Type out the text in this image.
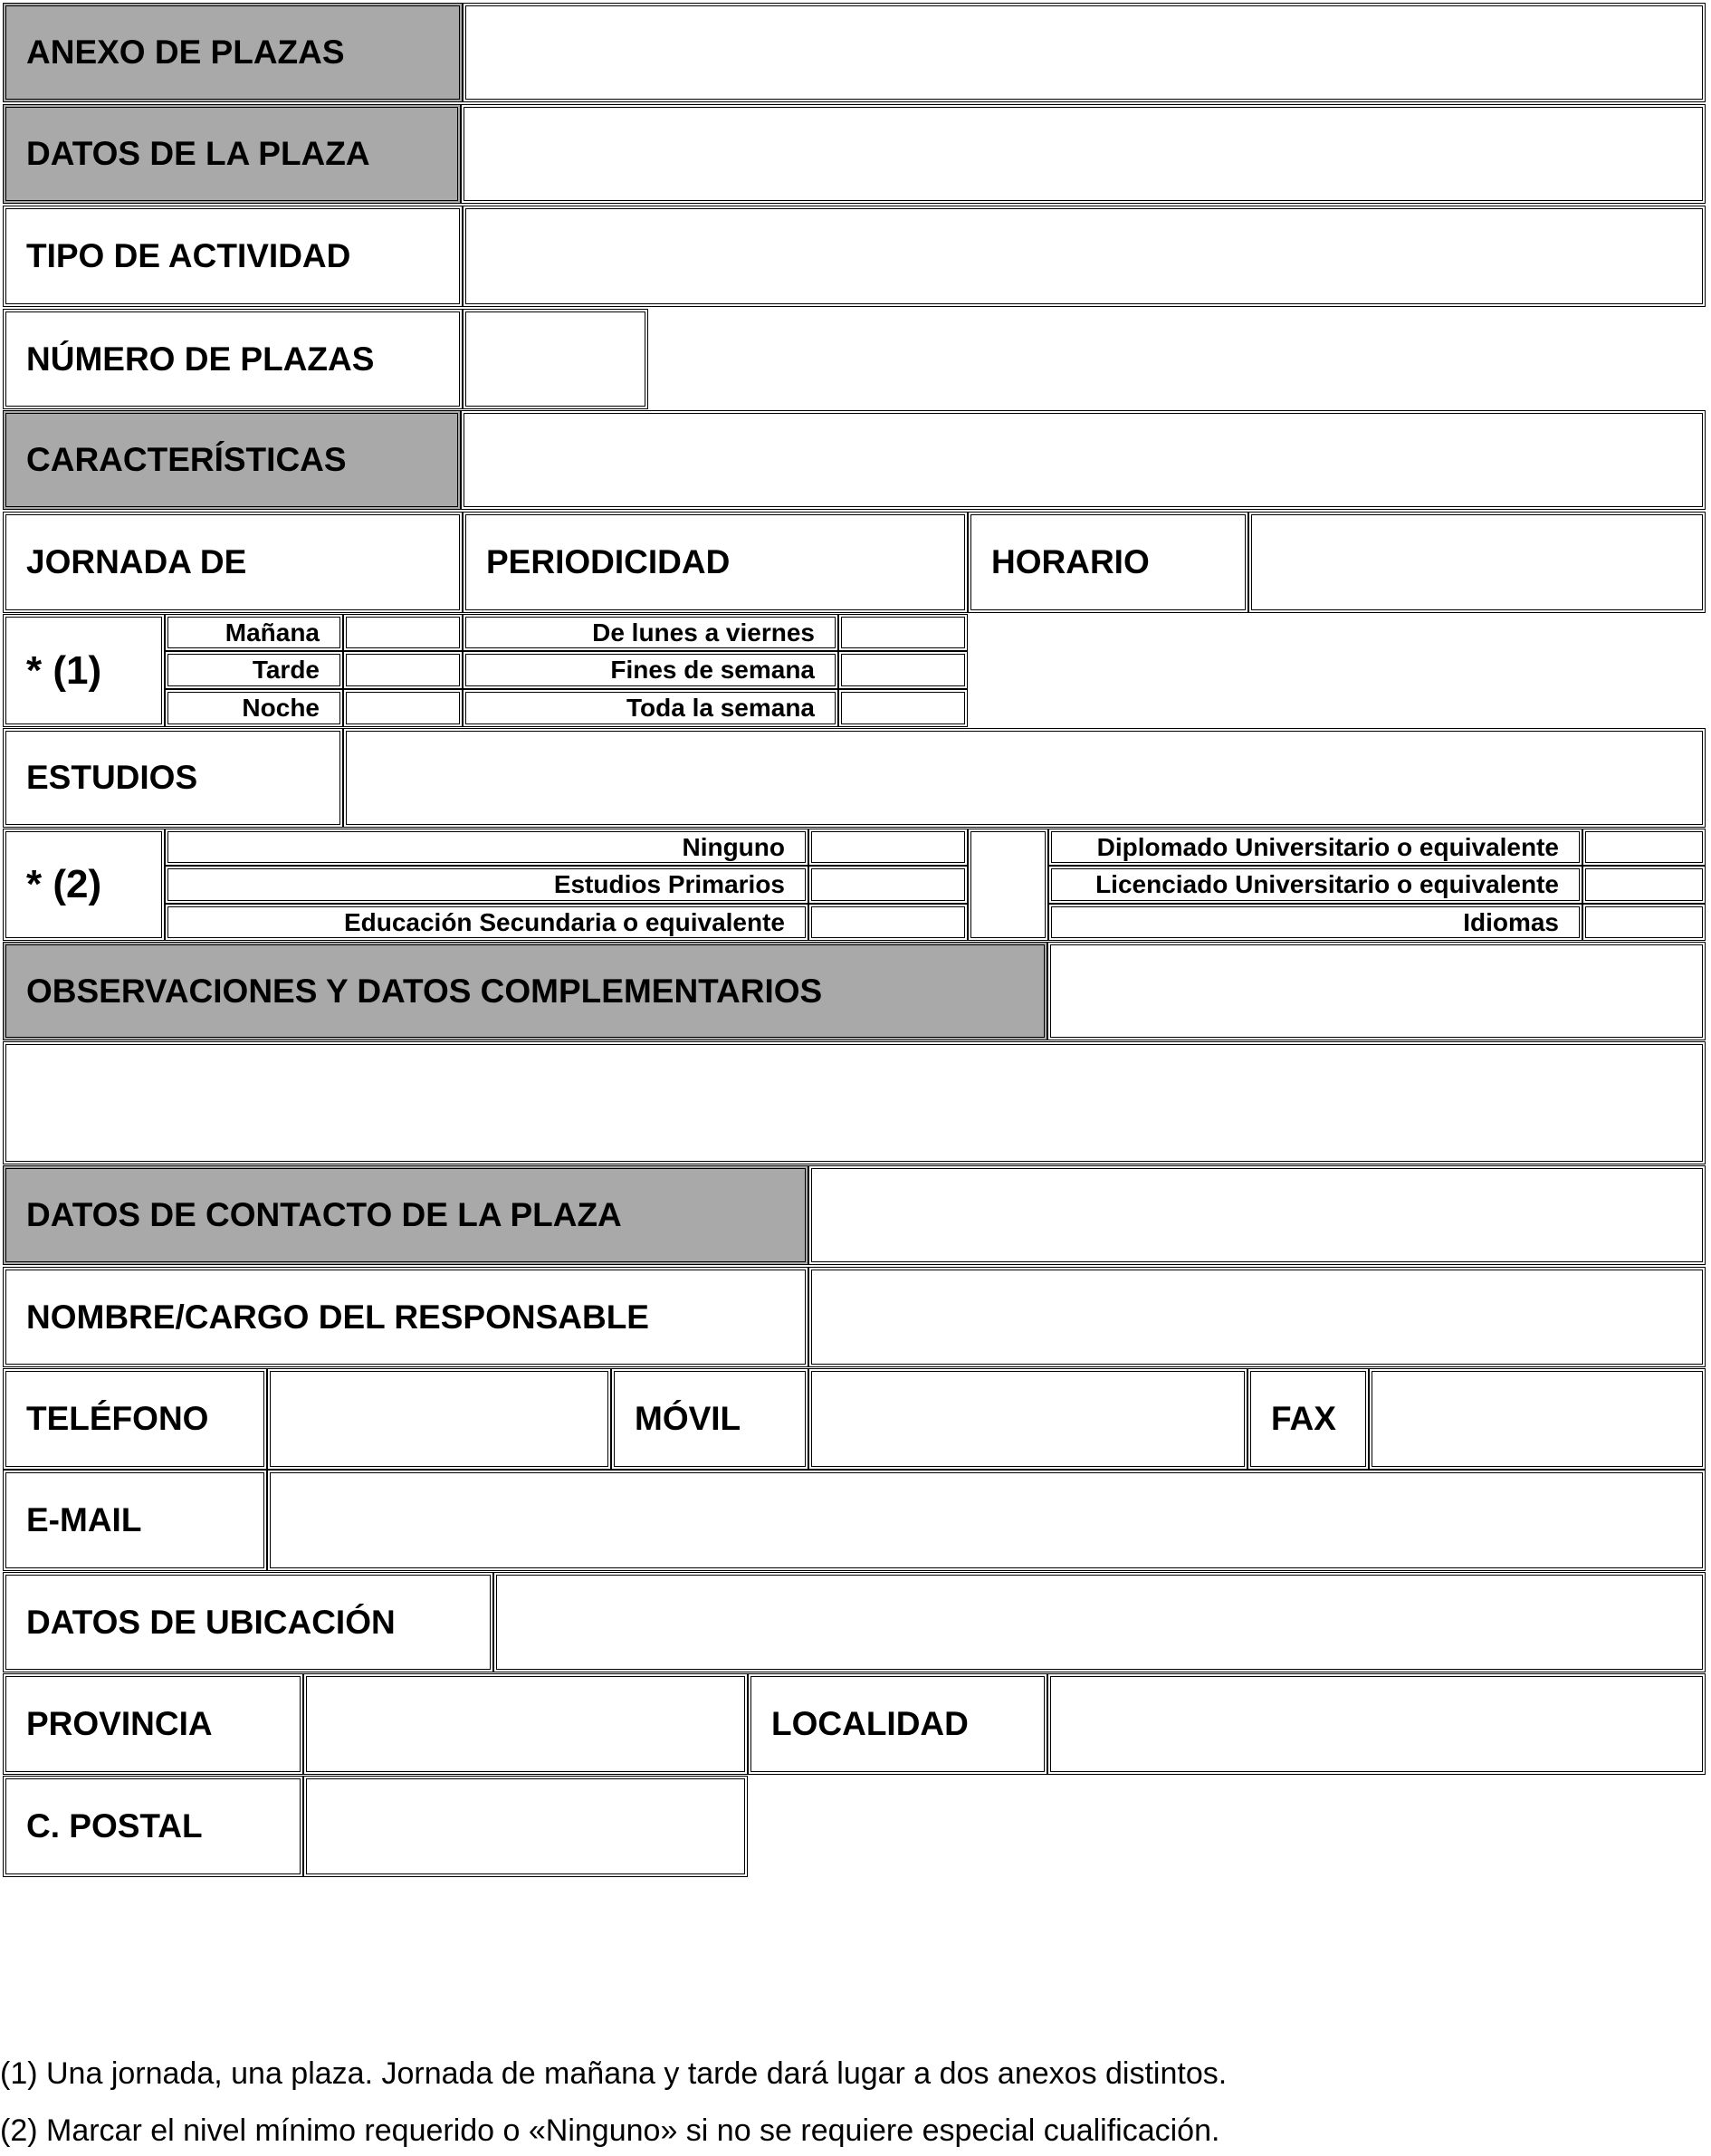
ANEXO DE PLAZAS
DATOS DE LA PLAZA
TIPO DE ACTIVIDAD
NÚMERO DE PLAZAS
CARACTERÍSTICAS
JORNADA DE	PERIODICIDAD	HORARIO
* (1)
Mañana	De lunes a viernes
Tarde	Fines de semana
Noche	Toda la semana
ESTUDIOS
* (2)
Ninguno	Diplomado Universitario o equivalente
Estudios Primarios	Licenciado Universitario o equivalente
Educación Secundaria o equivalente	Idiomas
OBSERVACIONES Y DATOS COMPLEMENTARIOS
DATOS DE CONTACTO DE LA PLAZA
NOMBRE/CARGO DEL RESPONSABLE
TELÉFONO	MÓVIL	FAX
E-MAIL
DATOS DE UBICACIÓN
PROVINCIA	LOCALIDAD
C. POSTAL
(1) Una jornada, una plaza. Jornada de mañana y tarde dará lugar a dos anexos distintos.
(2) Marcar el nivel mínimo requerido o «Ninguno» si no se requiere especial cualificación.
